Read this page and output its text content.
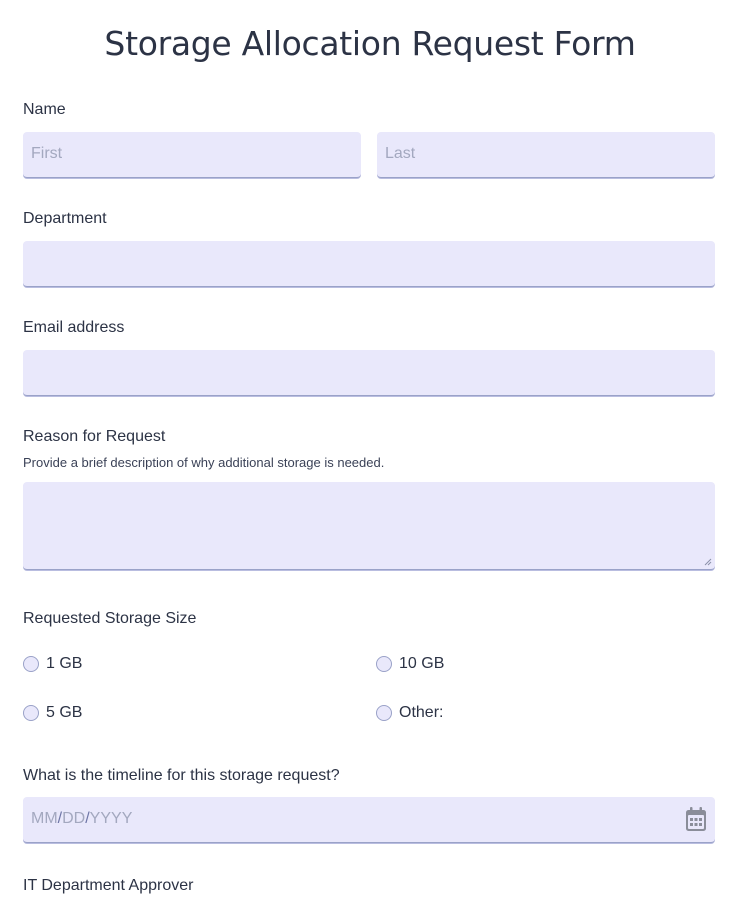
Storage Allocation Request Form
Name
First	Last
Department
Email address
Reason for Request
Provide a brief description of why additional storage is needed.
Requested Storage Size
1 GB	10 GB
5 GB	Other:
What is the timeline for this storage request?
MM/DD/YYYY
IT Department Approver
